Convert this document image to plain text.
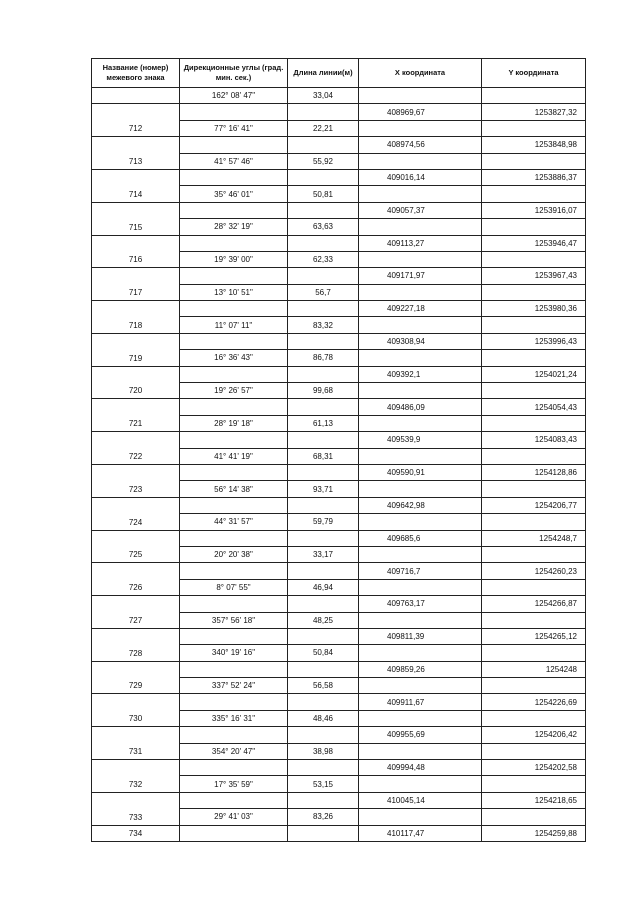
Название (номер) межевого знака	Дирекционные углы (град. мин. сек.)	Длина линии(м)	X координата	Y координата
	162° 08' 47"	33,04		
712			408969,67	1253827,32
	77° 16' 41"	22,21		
713			408974,56	1253848,98
	41° 57' 46"	55,92		
714			409016,14	1253886,37
	35° 46' 01"	50,81		
715			409057,37	1253916,07
	28° 32' 19"	63,63		
716			409113,27	1253946,47
	19° 39' 00"	62,33		
717			409171,97	1253967,43
	13° 10' 51"	56,7		
718			409227,18	1253980,36
	11° 07' 11"	83,32		
719			409308,94	1253996,43
	16° 36' 43"	86,78		
720			409392,1	1254021,24
	19° 26' 57"	99,68		
721			409486,09	1254054,43
	28° 19' 18"	61,13		
722			409539,9	1254083,43
	41° 41' 19"	68,31		
723			409590,91	1254128,86
	56° 14' 38"	93,71		
724			409642,98	1254206,77
	44° 31' 57"	59,79		
725			409685,6	1254248,7
	20° 20' 38"	33,17		
726			409716,7	1254260,23
	8° 07' 55"	46,94		
727			409763,17	1254266,87
	357° 56' 18"	48,25		
728			409811,39	1254265,12
	340° 19' 16"	50,84		
729			409859,26	1254248
	337° 52' 24"	56,58		
730			409911,67	1254226,69
	335° 16' 31"	48,46		
731			409955,69	1254206,42
	354° 20' 47"	38,98		
732			409994,48	1254202,58
	17° 35' 59"	53,15		
733			410045,14	1254218,65
	29° 41' 03"	83,26		
734			410117,47	1254259,88
